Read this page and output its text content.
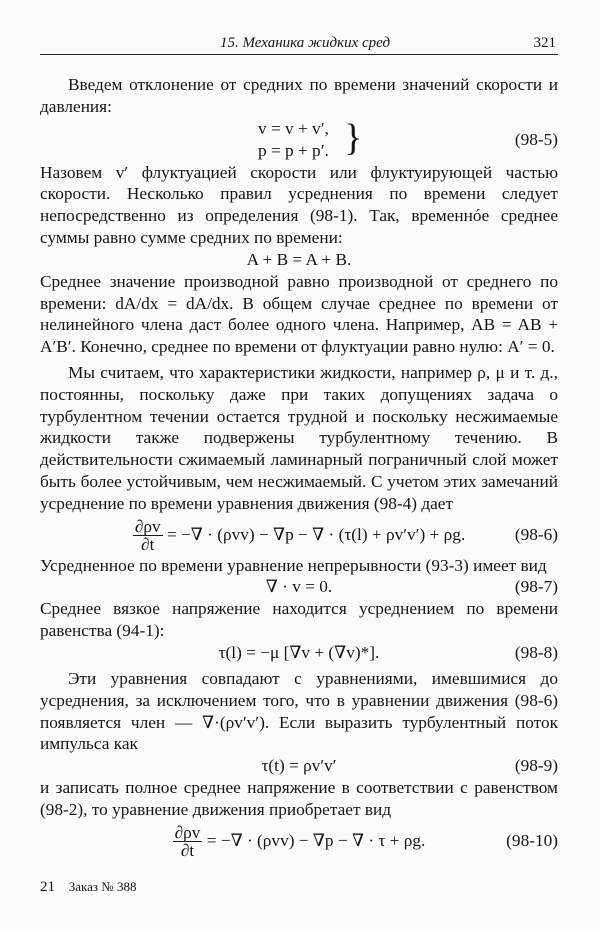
15. Механика жидких сред	321

Введем отклонение от средних по времени значений скорости и давления:

v = v + v′,
p = p + p′. }	(98-5)

Назовем v′ флуктуацией скорости или флуктуирующей частью скорости. Несколько правил усреднения по времени следует непосредственно из определения (98-1). Так, временнóе среднее суммы равно сумме средних по времени:

A + B = A + B.

Среднее значение производной равно производной от среднего по времени: dA/dx = dA/dx. В общем случае среднее по времени от нелинейного члена даст более одного члена. Например, AB = AB + A′B′. Конечно, среднее по времени от флуктуации равно нулю: A′ = 0.

Мы считаем, что характеристики жидкости, например ρ, μ и т. д., постоянны, поскольку даже при таких допущениях задача о турбулентном течении остается трудной и поскольку несжимаемые жидкости также подвержены турбулентному течению. В действительности сжимаемый ламинарный пограничный слой может быть более устойчивым, чем несжимаемый. С учетом этих замечаний усреднение по времени уравнения движения (98-4) дает

$\frac{\partial\rho v}{\partial t}$ = −∇ · (ρvv) − ∇p − ∇ · (τ(l) + ρv′v′) + ρg.	(98-6)

Усредненное по времени уравнение непрерывности (93-3) имеет вид

∇ · v = 0.	(98-7)

Среднее вязкое напряжение находится усреднением по времени равенства (94-1):

τ(l) = −μ [∇v + (∇v)*].	(98-8)

Эти уравнения совпадают с уравнениями, имевшимися до усреднения, за исключением того, что в уравнении движения (98-6) появляется член — ∇·(ρv′v′). Если выразить турбулентный поток импульса как

τ(t) = ρv′v′	(98-9)

и записать полное среднее напряжение в соответствии с равенством (98-2), то уравнение движения приобретает вид

$\frac{\partial\rho v}{\partial t}$ = −∇ · (ρvv) − ∇p − ∇ · τ + ρg.	(98-10)
21 Заказ № 388
